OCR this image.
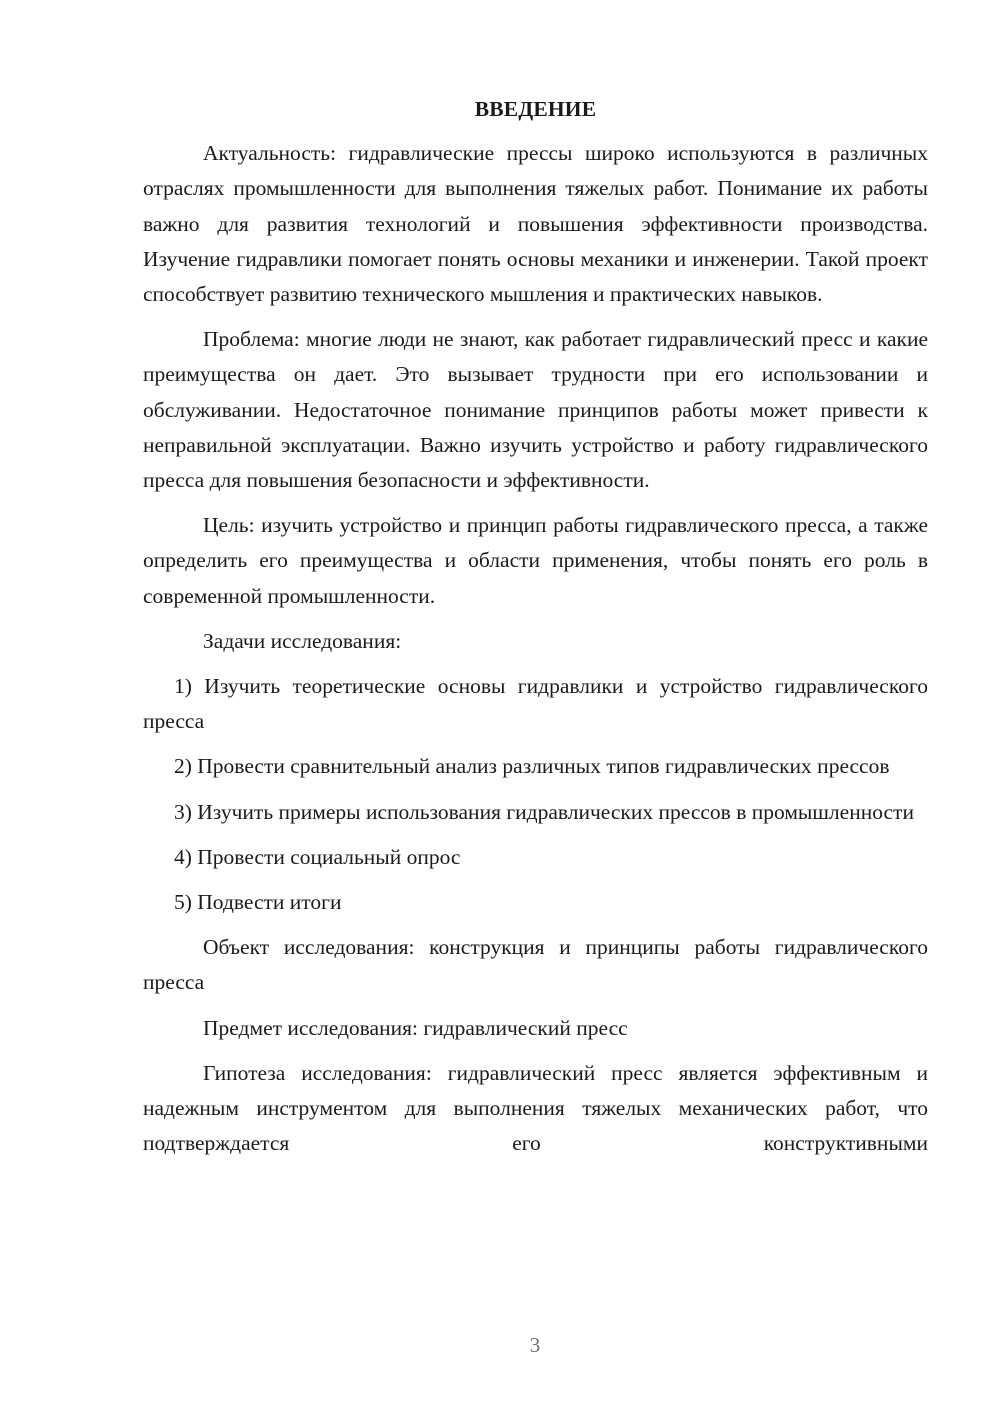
ВВЕДЕНИЕ

Актуальность: гидравлические прессы широко используются в различных отраслях промышленности для выполнения тяжелых работ. Понимание их работы важно для развития технологий и повышения эффективности производства. Изучение гидравлики помогает понять основы механики и инженерии. Такой проект способствует развитию технического мышления и практических навыков.

Проблема: многие люди не знают, как работает гидравлический пресс и какие преимущества он дает. Это вызывает трудности при его использовании и обслуживании. Недостаточное понимание принципов работы может привести к неправильной эксплуатации. Важно изучить устройство и работу гидравлического пресса для повышения безопасности и эффективности.

Цель: изучить устройство и принцип работы гидравлического пресса, а также определить его преимущества и области применения, чтобы понять его роль в современной промышленности.

Задачи исследования:

1) Изучить теоретические основы гидравлики и устройство гидравлического пресса

2) Провести сравнительный анализ различных типов гидравлических прессов

3) Изучить примеры использования гидравлических прессов в промышленности

4) Провести социальный опрос

5) Подвести итоги

Объект исследования: конструкция и принципы работы гидравлического пресса

Предмет исследования: гидравлический пресс

Гипотеза исследования: гидравлический пресс является эффективным и надежным инструментом для выполнения тяжелых механических работ, что подтверждается его конструктивными

3
